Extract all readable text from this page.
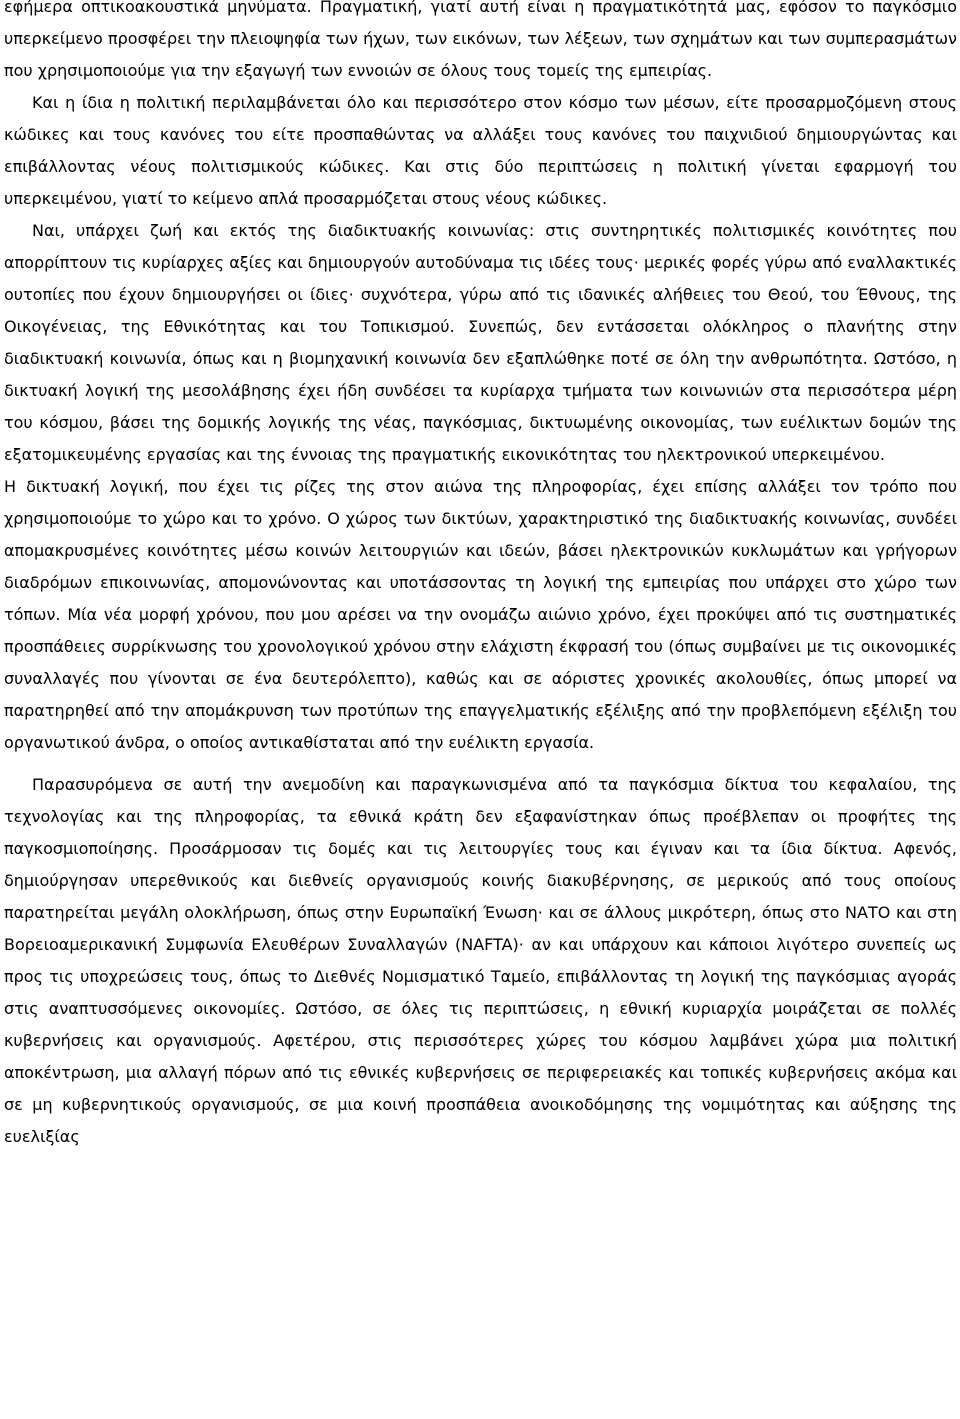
εφήμερα οπτικοακουστικά μηνύματα. Πραγματική, γιατί αυτή είναι η πραγματικότητά μας, εφόσον το παγκόσμιο υπερκείμενο προσφέρει την πλειοψηφία των ήχων, των εικόνων, των λέξεων, των σχημάτων και των συμπερασμάτων που χρησιμοποιούμε για την εξαγωγή των εννοιών σε όλους τους τομείς της εμπειρίας.

Και η ίδια η πολιτική περιλαμβάνεται όλο και περισσότερο στον κόσμο των μέσων, είτε προσαρμοζόμενη στους κώδικες και τους κανόνες του είτε προσπαθώντας να αλλάξει τους κανόνες του παιχνιδιού δημιουργώντας και επιβάλλοντας νέους πολιτισμικούς κώδικες. Και στις δύο περιπτώσεις η πολιτική γίνεται εφαρμογή του υπερκειμένου, γιατί το κείμενο απλά προσαρμόζεται στους νέους κώδικες.

Ναι, υπάρχει ζωή και εκτός της διαδικτυακής κοινωνίας: στις συντηρητικές πολιτισμικές κοινότητες που απορρίπτουν τις κυρίαρχες αξίες και δημιουργούν αυτοδύναμα τις ιδέες τους· μερικές φορές γύρω από εναλλακτικές ουτοπίες που έχουν δημιουργήσει οι ίδιες· συχνότερα, γύρω από τις ιδανικές αλήθειες του Θεού, του Έθνους, της Οικογένειας, της Εθνικότητας και του Τοπικισμού. Συνεπώς, δεν εντάσσεται ολόκληρος ο πλανήτης στην διαδικτυακή κοινωνία, όπως και η βιομηχανική κοινωνία δεν εξαπλώθηκε ποτέ σε όλη την ανθρωπότητα. Ωστόσο, η δικτυακή λογική της μεσολάβησης έχει ήδη συνδέσει τα κυρίαρχα τμήματα των κοινωνιών στα περισσότερα μέρη του κόσμου, βάσει της δομικής λογικής της νέας, παγκόσμιας, δικτυωμένης οικονομίας, των ευέλικτων δομών της εξατομικευμένης εργασίας και της έννοιας της πραγματικής εικονικότητας του ηλεκτρονικού υπερκειμένου.

Η δικτυακή λογική, που έχει τις ρίζες της στον αιώνα της πληροφορίας, έχει επίσης αλλάξει τον τρόπο που χρησιμοποιούμε το χώρο και το χρόνο. Ο χώρος των δικτύων, χαρακτηριστικό της διαδικτυακής κοινωνίας, συνδέει απομακρυσμένες κοινότητες μέσω κοινών λειτουργιών και ιδεών, βάσει ηλεκτρονικών κυκλωμάτων και γρήγορων διαδρόμων επικοινωνίας, απομονώνοντας και υποτάσσοντας τη λογική της εμπειρίας που υπάρχει στο χώρο των τόπων. Μία νέα μορφή χρόνου, που μου αρέσει να την ονομάζω αιώνιο χρόνο, έχει προκύψει από τις συστηματικές προσπάθειες συρρίκνωσης του χρονολογικού χρόνου στην ελάχιστη έκφρασή του (όπως συμβαίνει με τις οικονομικές συναλλαγές που γίνονται σε ένα δευτερόλεπτο), καθώς και σε αόριστες χρονικές ακολουθίες, όπως μπορεί να παρατηρηθεί από την απομάκρυνση των προτύπων της επαγγελματικής εξέλιξης από την προβλεπόμενη εξέλιξη του οργανωτικού άνδρα, ο οποίος αντικαθίσταται από την ευέλικτη εργασία.

Παρασυρόμενα σε αυτή την ανεμοδίνη και παραγκωνισμένα από τα παγκόσμια δίκτυα του κεφαλαίου, της τεχνολογίας και της πληροφορίας, τα εθνικά κράτη δεν εξαφανίστηκαν όπως προέβλεπαν οι προφήτες της παγκοσμιοποίησης. Προσάρμοσαν τις δομές και τις λειτουργίες τους και έγιναν και τα ίδια δίκτυα. Αφενός, δημιούργησαν υπερεθνικούς και διεθνείς οργανισμούς κοινής διακυβέρνησης, σε μερικούς από τους οποίους παρατηρείται μεγάλη ολοκλήρωση, όπως στην Ευρωπαϊκή Ένωση· και σε άλλους μικρότερη, όπως στο ΝΑΤΟ και στη Βορειοαμερικανική Συμφωνία Ελευθέρων Συναλλαγών (NAFTA)· αν και υπάρχουν και κάποιοι λιγότερο συνεπείς ως προς τις υποχρεώσεις τους, όπως το Διεθνές Νομισματικό Ταμείο, επιβάλλοντας τη λογική της παγκόσμιας αγοράς στις αναπτυσσόμενες οικονομίες. Ωστόσο, σε όλες τις περιπτώσεις, η εθνική κυριαρχία μοιράζεται σε πολλές κυβερνήσεις και οργανισμούς. Αφετέρου, στις περισσότερες χώρες του κόσμου λαμβάνει χώρα μια πολιτική αποκέντρωση, μια αλλαγή πόρων από τις εθνικές κυβερνήσεις σε περιφερειακές και τοπικές κυβερνήσεις ακόμα και σε μη κυβερνητικούς οργανισμούς, σε μια κοινή προσπάθεια ανοικοδόμησης της νομιμότητας και αύξησης της ευελιξίας
